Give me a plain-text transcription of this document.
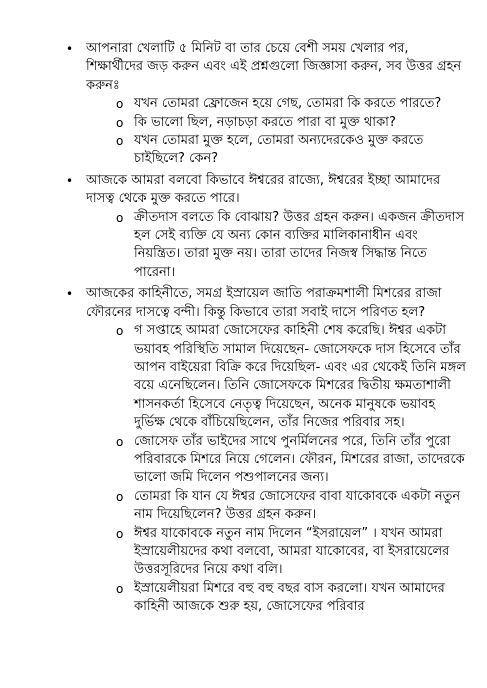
• আপনারা খেলাটি ৫ মিনিট বা তার চেয়ে বেশী সময় খেলার পর, শিক্ষার্থীদের জড় করুন এবং এই প্রশ্নগুলো জিজ্ঞাসা করুন, সব উত্তর গ্রহন করুনঃ
o যখন তোমরা ফ্রোজেন হয়ে গেছ, তোমরা কি করতে পারতে?
o কি ভালো ছিল, নড়াচড়া করতে পারা বা মুক্ত থাকা?
o যখন তোমরা মুক্ত হলে, তোমরা অন্যদেরকেও মুক্ত করতে চাইছিলে? কেন?
• আজকে আমরা বলবো কিভাবে ঈশ্বরের রাজ্যে, ঈশ্বরের ইচ্ছা আমাদের দাসত্ব থেকে মুক্ত করতে পারে।
o ক্রীতদাস বলতে কি বোঝায়? উত্তর গ্রহন করুন। একজন ক্রীতদাস হল সেই ব্যক্তি যে অন্য কোন ব্যক্তির মালিকানাধীন এবং নিয়ন্ত্রিত। তারা মুক্ত নয়। তারা তাদের নিজস্ব সিদ্ধান্ত নিতে পারেনা।
• আজকের কাহিনীতে, সমগ্র ইস্রায়েল জাতি পরাক্রমশালী মিশরের রাজা ফৌরনের দাসত্বে বন্দী। কিন্তু কিভাবে তারা সবাই দাসে পরিণত হল?
o গ সপ্তাহে আমরা জোসেফের কাহিনী শেষ করেছি। ঈশ্বর একটা ভয়াবহ পরিস্থিতি সামাল দিয়েছেন- জোসেফকে দাস হিসেবে তাঁর আপন বাইয়েরা বিক্রি করে দিয়েছিল- এবং এর থেকেই তিনি মঙ্গল বয়ে এনেছিলেন। তিনি জোসেফকে মিশরের দ্বিতীয় ক্ষমতাশালী শাসনকর্তা হিসেবে নেতৃত্ব দিয়েছেন, অনেক মানুষকে ভয়াবহ দুর্ভিক্ষ থেকে বাঁচিয়েছিলেন, তাঁর নিজের পরিবার সহ।
o জোসেফ তাঁর ভাইদের সাথে পুনর্মিলনের পরে, তিনি তাঁর পুরো পরিবারকে মিশরে নিয়ে গেলেন। ফৌরন, মিশরের রাজা, তাদেরকে ভালো জমি দিলেন পশুপালনের জন্য।
o তোমরা কি যান যে ঈশ্বর জোসেফের বাবা যাকোবকে একটা নতুন নাম দিয়েছিলেন? উত্তর গ্রহন করুন।
o ঈশ্বর যাকোবকে নতুন নাম দিলেন “ইসরায়েল” । যখন আমরা ইস্রায়েলীয়দের কথা বলবো, আমরা যাকোবের, বা ইসরায়েলের উত্তরসূরিদের নিয়ে কথা বলি।
o ইস্রায়েলীয়রা মিশরে বহু বহু বছর বাস করলো। যখন আমাদের কাহিনী আজকে শুরু হয়, জোসেফের পরিবার
